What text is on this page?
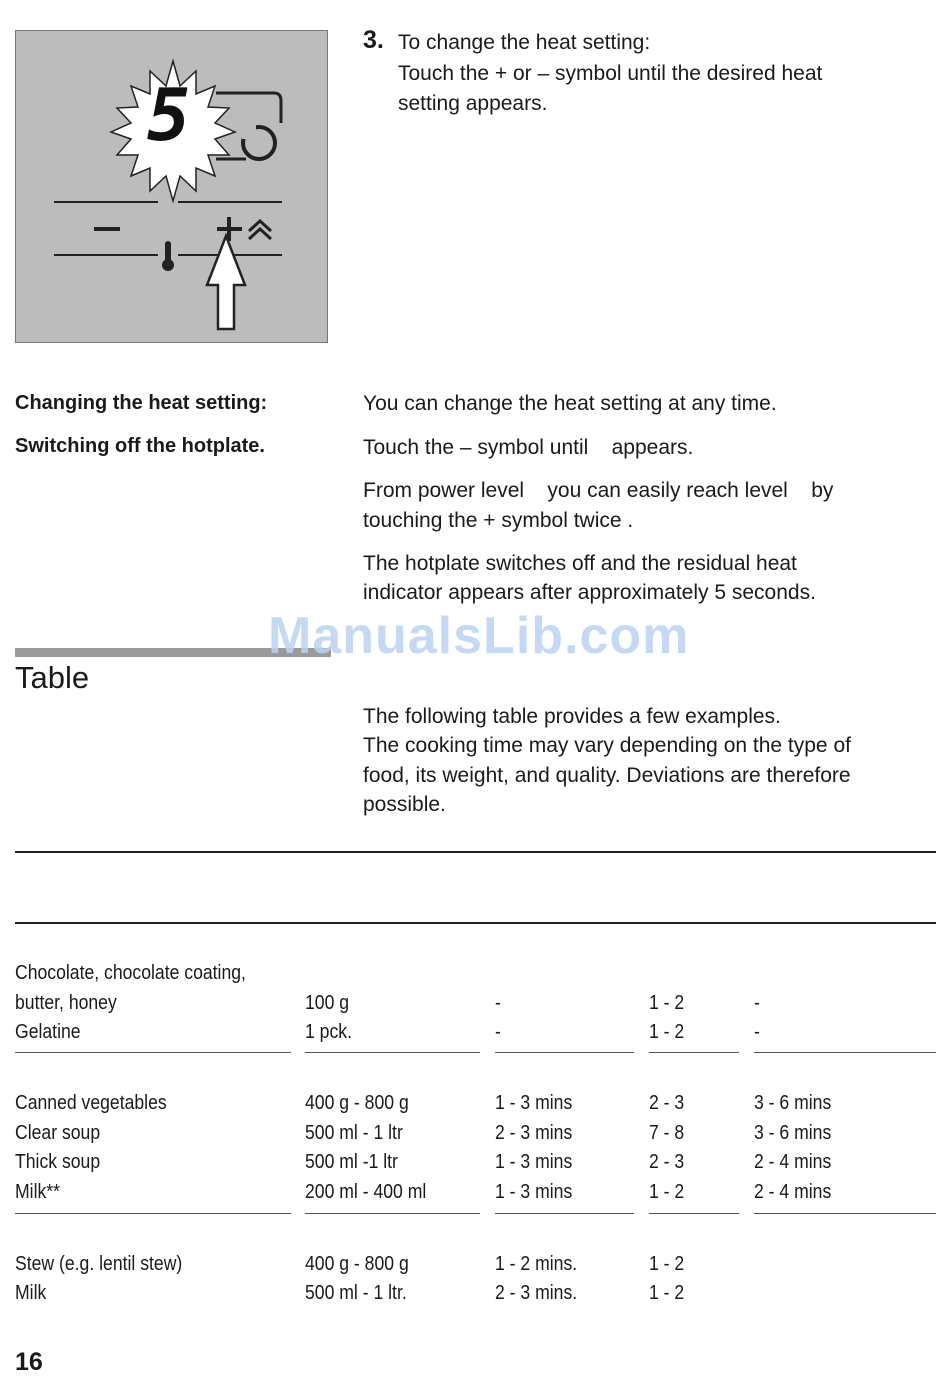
5
3. To change the heat setting:
Touch the + or – symbol until the desired heat
setting appears.
Changing the heat setting:	You can change the heat setting at any time.
Switching off the hotplate.	Touch the – symbol until    appears.
From power level    you can easily reach level    by
touching the + symbol twice .
The hotplate switches off and the residual heat
indicator appears after approximately 5 seconds.
ManualsLib.com
Table
The following table provides a few examples.
The cooking time may vary depending on the type of
food, its weight, and quality. Deviations are therefore
possible.
Chocolate, chocolate coating,
butter, honey	100 g	-	1 - 2	-
Gelatine	1 pck.	-	1 - 2	-
Canned vegetables	400 g - 800 g	1 - 3 mins	2 - 3	3 - 6 mins
Clear soup	500 ml - 1 ltr	2 - 3 mins	7 - 8	3 - 6 mins
Thick soup	500 ml -1 ltr	1 - 3 mins	2 - 3	2 - 4 mins
Milk**	200 ml - 400 ml	1 - 3 mins	1 - 2	2 - 4 mins
Stew (e.g. lentil stew)	400 g - 800 g	1 - 2 mins.	1 - 2
Milk	500 ml - 1 ltr.	2 - 3 mins.	1 - 2
16
